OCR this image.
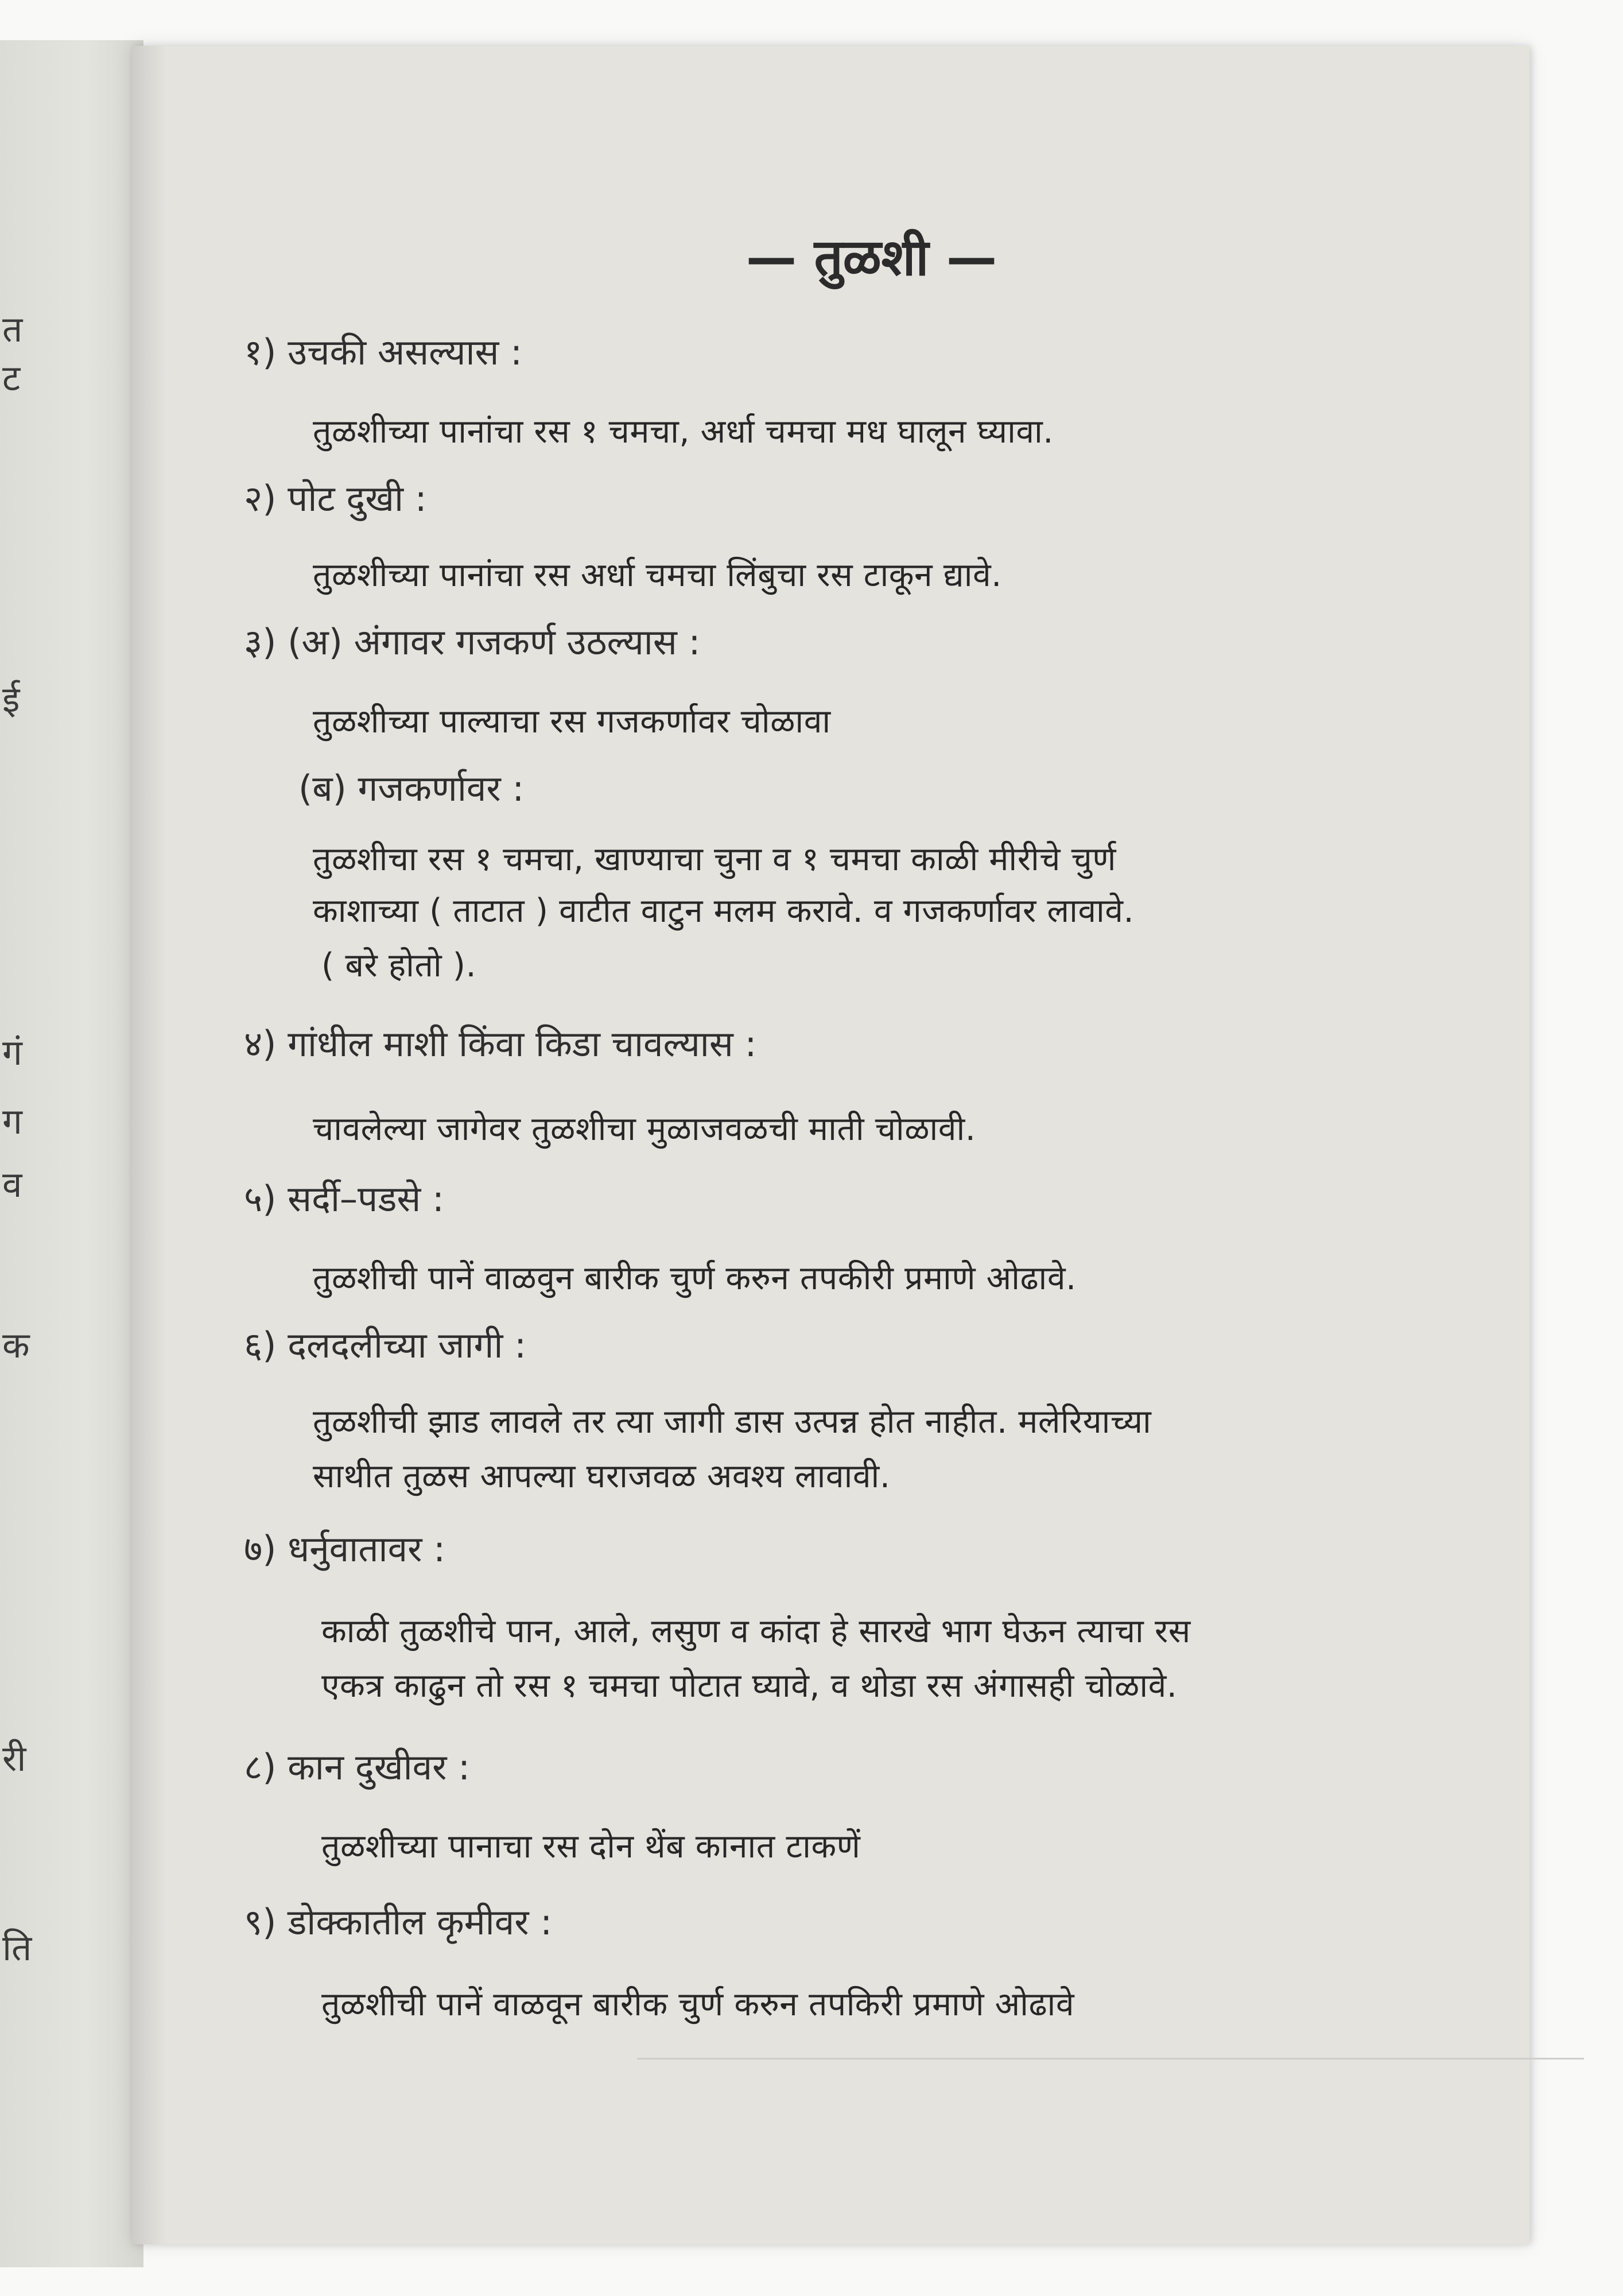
त
ट
ई
व
गं
ग
क
री
ति
— तुळशी —
१) उचकी असल्यास :
तुळशीच्या पानांचा रस १ चमचा, अर्धा चमचा मध घालून घ्यावा.
२) पोट दुखी :
तुळशीच्या पानांचा रस अर्धा चमचा लिंबुचा रस टाकून द्यावे.
३) (अ) अंगावर गजकर्ण उठल्यास :
तुळशीच्या पाल्याचा रस गजकर्णावर चोळावा
(ब) गजकर्णावर :
तुळशीचा रस १ चमचा, खाण्याचा चुना व १ चमचा काळी मीरीचे चुर्ण
काशाच्या ( ताटात ) वाटीत वाटुन मलम करावे. व गजकर्णावर लावावे.
( बरे होतो ).
४) गांधील माशी किंवा किडा चावल्यास :
चावलेल्या जागेवर तुळशीचा मुळाजवळची माती चोळावी.
५) सर्दी–पडसे :
तुळशीची पानें वाळवुन बारीक चुर्ण करुन तपकीरी प्रमाणे ओढावे.
६) दलदलीच्या जागी :
तुळशीची झाड लावले तर त्या जागी डास उत्पन्न होत नाहीत. मलेरियाच्या
साथीत तुळस आपल्या घराजवळ अवश्य लावावी.
७) धर्नुवातावर :
काळी तुळशीचे पान, आले, लसुण व कांदा हे सारखे भाग घेऊन त्याचा रस
एकत्र काढुन तो रस १ चमचा पोटात घ्यावे, व थोडा रस अंगासही चोळावे.
८) कान दुखीवर :
तुळशीच्या पानाचा रस दोन थेंब कानात टाकणें
९) डोक्कातील कृमीवर :
तुळशीची पानें वाळवून बारीक चुर्ण करुन तपकिरी प्रमाणे ओढावे
